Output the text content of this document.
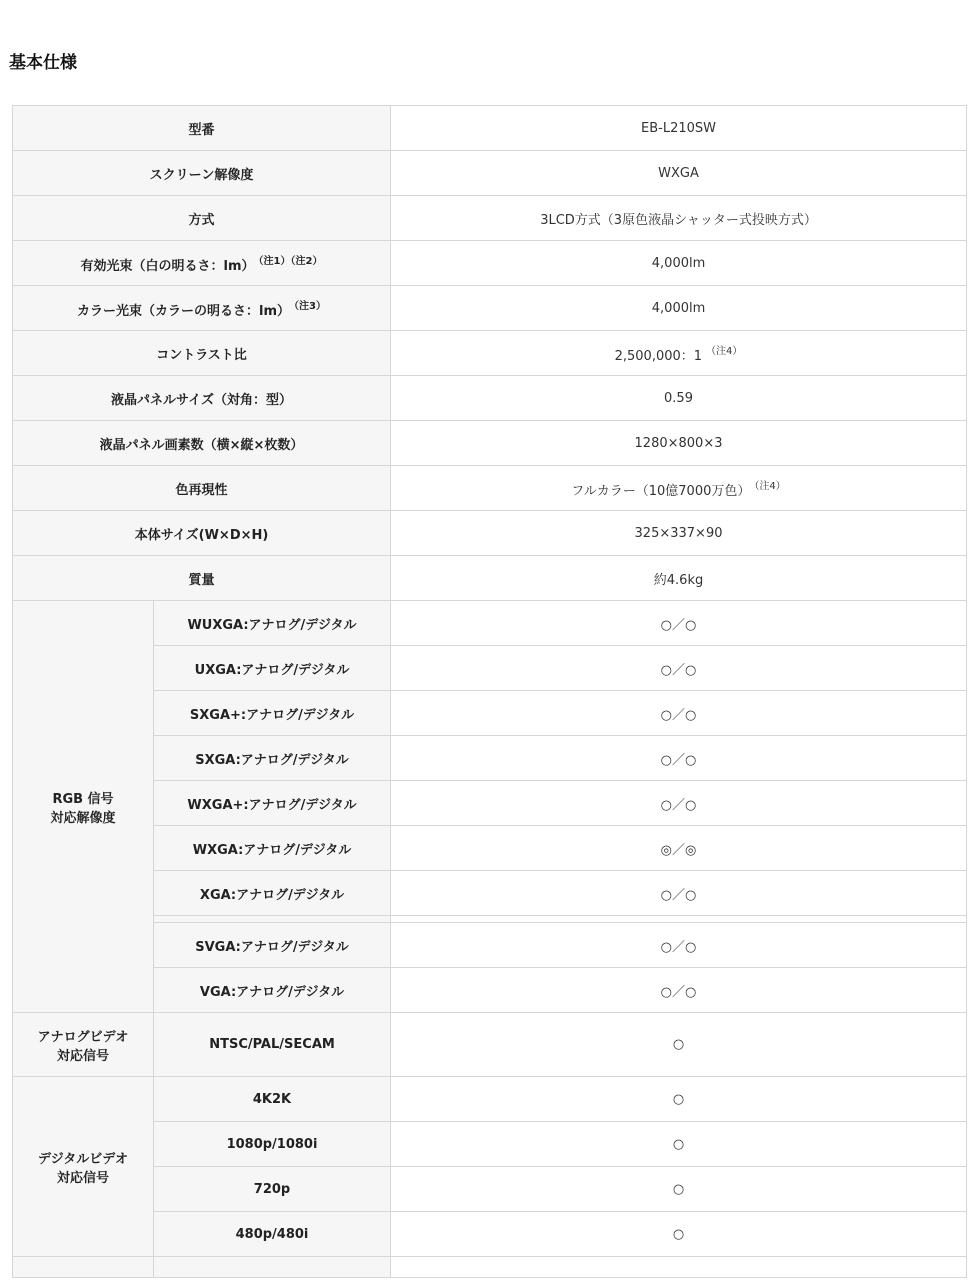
基本仕様
型番		EB-L210SW
スクリーン解像度		WXGA
方式		3LCD方式（3原色液晶シャッター式投映方式）
有効光束（白の明るさ：lm） $^{(注1)(注2)}$		4,000lm
カラー光束（カラーの明るさ：lm） $^{(注3)}$		4,000lm
コントラスト比		2,500,000：1 $^{(注4)}$
液晶パネルサイズ（対角：型）		0.59
液晶パネル画素数（横×縦×枚数）		1280×800×3
色再現性		フルカラー（10億7000万色） $^{(注4)}$
本体サイズ(W×D×H)		325×337×90
質量		約4.6kg
RGB 信号
対応解像度	WUXGA:アナログ/デジタル	○／○
	UXGA:アナログ/デジタル	○／○
	SXGA+:アナログ/デジタル	○／○
	SXGA:アナログ/デジタル	○／○
	WXGA+:アナログ/デジタル	○／○
	WXGA:アナログ/デジタル	◎／◎
	XGA:アナログ/デジタル	○／○

	SVGA:アナログ/デジタル	○／○
	VGA:アナログ/デジタル	○／○
アナログビデオ
対応信号	NTSC/PAL/SECAM	○
デジタルビデオ
対応信号	4K2K	○
	1080p/1080i	○
	720p	○
	480p/480i	○
